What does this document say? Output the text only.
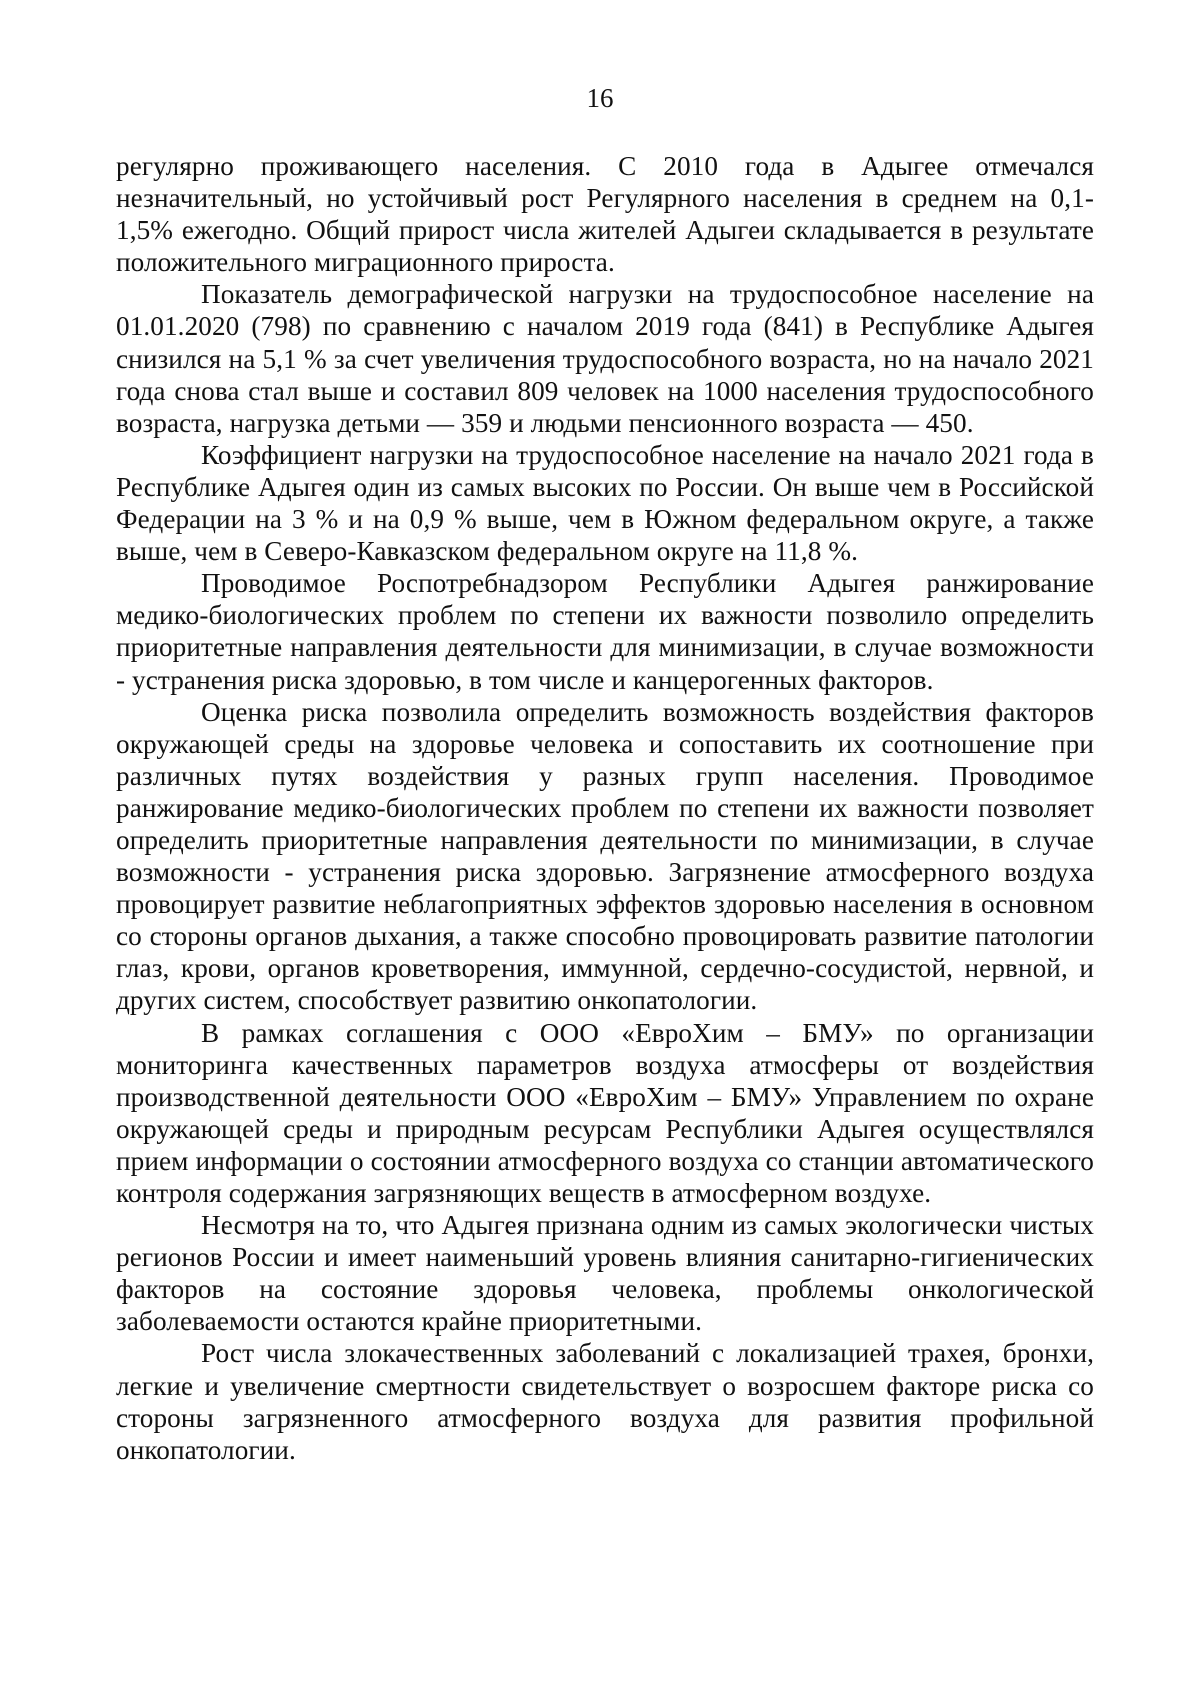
16

регулярно проживающего населения. С 2010 года в Адыгее отмечался незначительный, но устойчивый рост Регулярного населения в среднем на 0,1-1,5% ежегодно. Общий прирост числа жителей Адыгеи складывается в результате положительного миграционного прироста.

Показатель демографической нагрузки на трудоспособное население на 01.01.2020 (798) по сравнению с началом 2019 года (841) в Республике Адыгея снизился на 5,1 % за счет увеличения трудоспособного возраста, но на начало 2021 года снова стал выше и составил 809 человек на 1000 населения трудоспособного возраста, нагрузка детьми — 359 и людьми пенсионного возраста — 450.

Коэффициент нагрузки на трудоспособное население на начало 2021 года в Республике Адыгея один из самых высоких по России. Он выше чем в Российской Федерации на 3 % и на 0,9 % выше, чем в Южном федеральном округе, а также выше, чем в Северо-Кавказском федеральном округе на 11,8 %.

Проводимое Роспотребнадзором Республики Адыгея ранжирование медико-биологических проблем по степени их важности позволило определить приоритетные направления деятельности для минимизации, в случае возможности - устранения риска здоровью, в том числе и канцерогенных факторов.

Оценка риска позволила определить возможность воздействия факторов окружающей среды на здоровье человека и сопоставить их соотношение при различных путях воздействия у разных групп населения. Проводимое ранжирование медико-биологических проблем по степени их важности позволяет определить приоритетные направления деятельности по минимизации, в случае возможности - устранения риска здоровью. Загрязнение атмосферного воздуха провоцирует развитие неблагоприятных эффектов здоровью населения в основном со стороны органов дыхания, а также способно провоцировать развитие патологии глаз, крови, органов кроветворения, иммунной, сердечно-сосудистой, нервной, и других систем, способствует развитию онкопатологии.

В рамках соглашения с ООО «ЕвроХим – БМУ» по организации мониторинга качественных параметров воздуха атмосферы от воздействия производственной деятельности ООО «ЕвроХим – БМУ» Управлением по охране окружающей среды и природным ресурсам Республики Адыгея осуществлялся прием информации о состоянии атмосферного воздуха со станции автоматического контроля содержания загрязняющих веществ в атмосферном воздухе.

Несмотря на то, что Адыгея признана одним из самых экологически чистых регионов России и имеет наименьший уровень влияния санитарно-гигиенических факторов на состояние здоровья человека, проблемы онкологической заболеваемости остаются крайне приоритетными.

Рост числа злокачественных заболеваний с локализацией трахея, бронхи, легкие и увеличение смертности свидетельствует о возросшем факторе риска со стороны загрязненного атмосферного воздуха для развития профильной онкопатологии.
